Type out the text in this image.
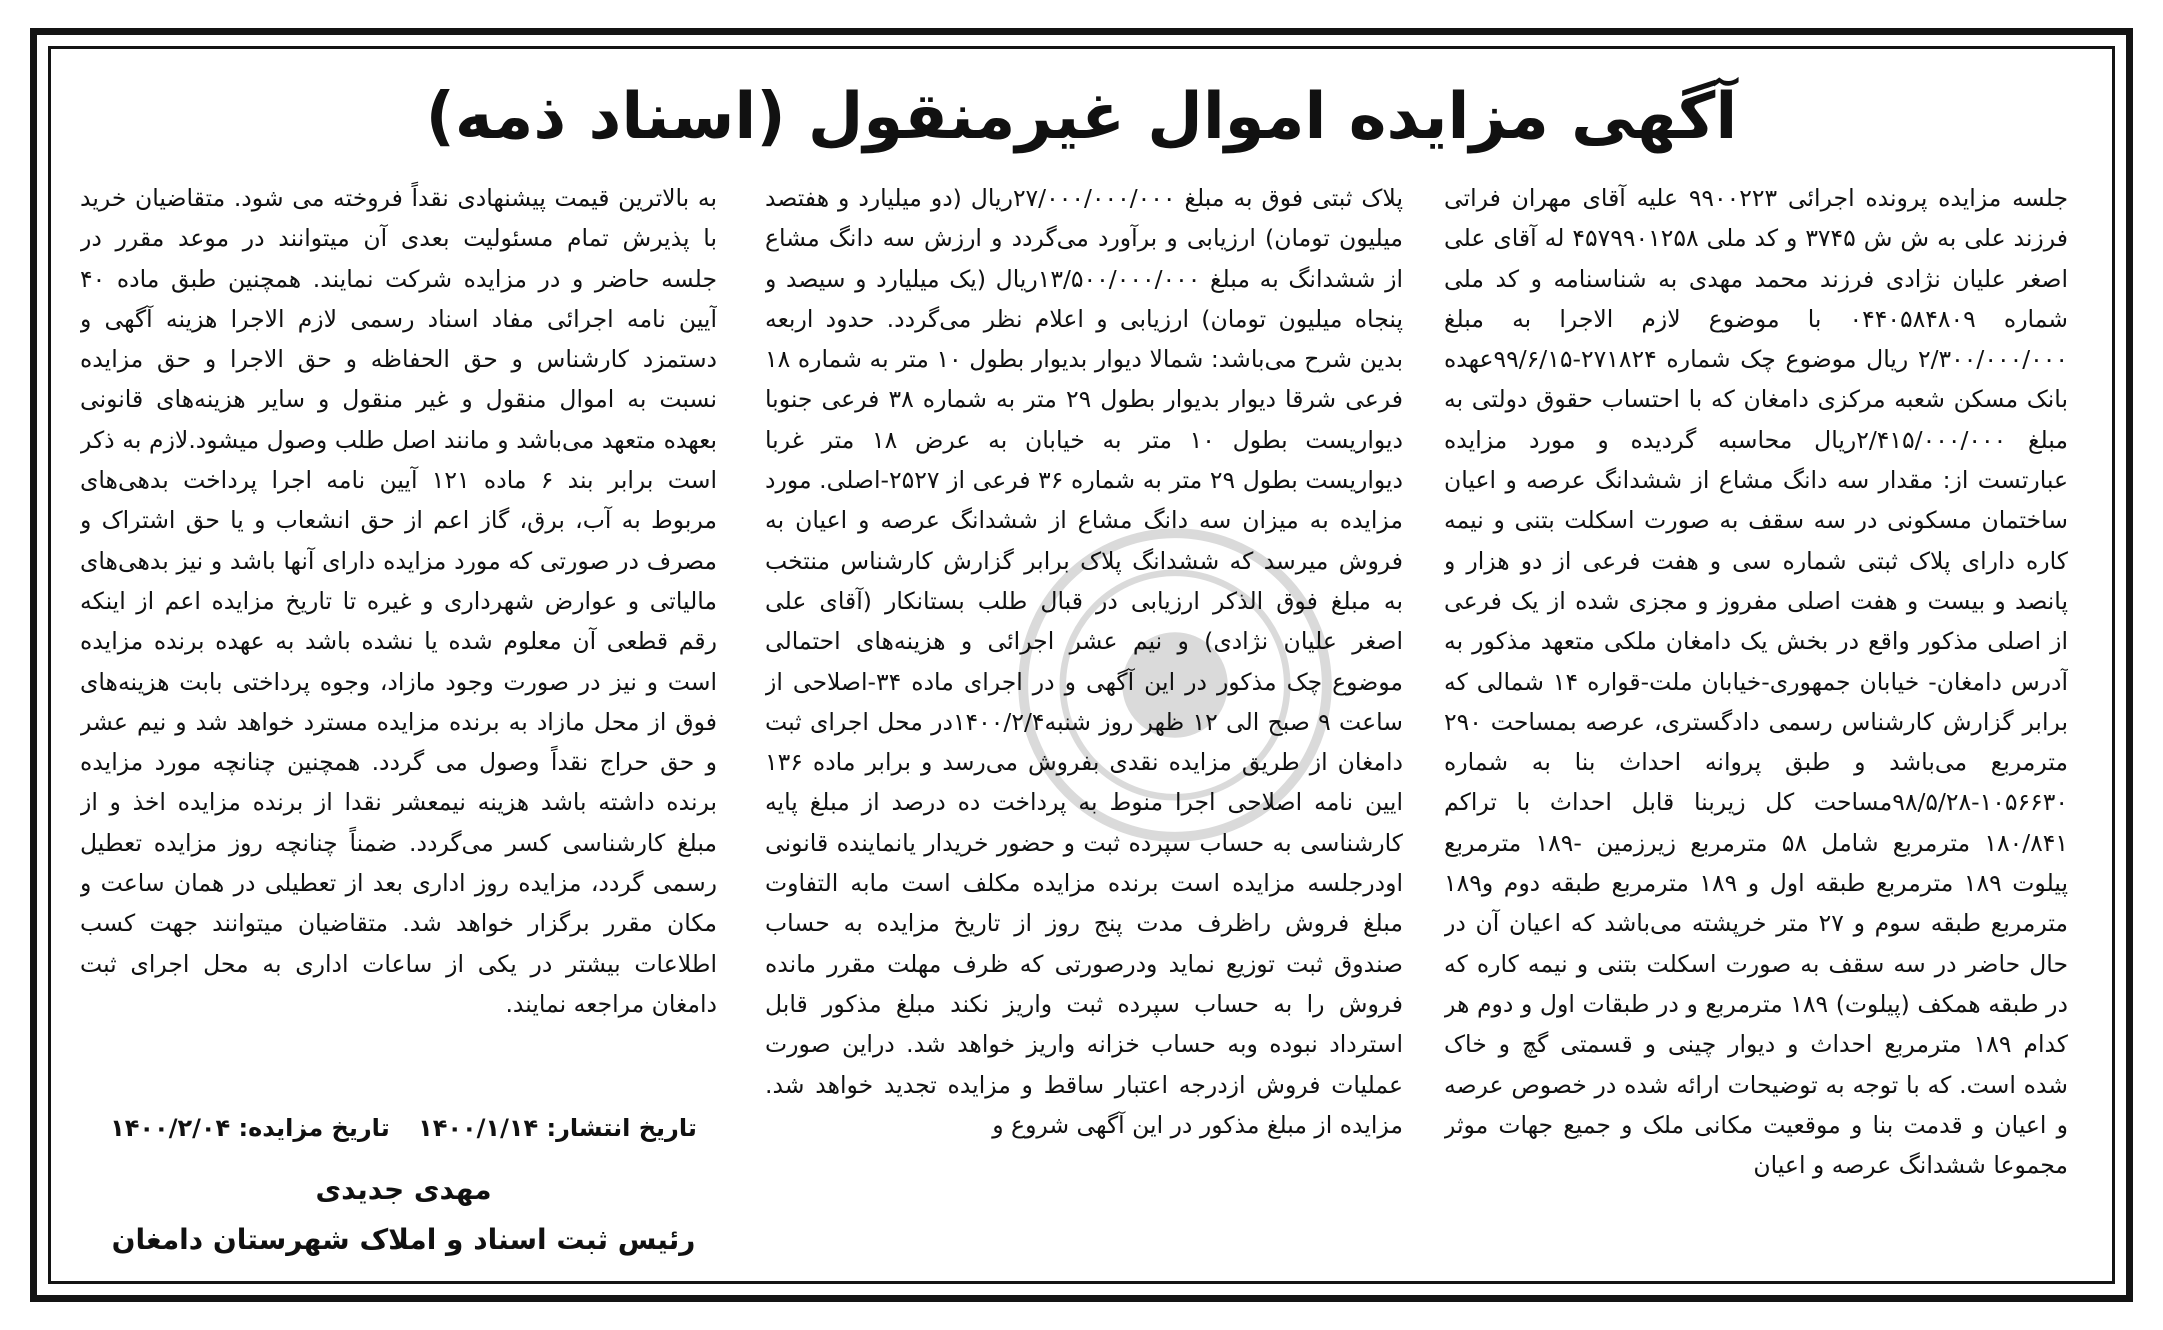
آگهی مزایده اموال غیرمنقول (اسناد ذمه)

جلسه مزایده پرونده اجرائی ۹۹۰۰۲۲۳ علیه آقای مهران فراتی فرزند علی به ش ش ۳۷۴۵ و کد ملی ۴۵۷۹۹۰۱۲۵۸ له آقای علی اصغر علیان نژادی فرزند محمد مهدی به شناسنامه و کد ملی شماره ۰۴۴۰۵۸۴۸۰۹ با موضوع لازم الاجرا به مبلغ ۲/۳۰۰/۰۰۰/۰۰۰ ریال موضوع چک شماره ۲۷۱۸۲۴-۹۹/۶/۱۵عهده بانک مسکن شعبه مرکزی دامغان که با احتساب حقوق دولتی به مبلغ ۲/۴۱۵/۰۰۰/۰۰۰ریال محاسبه گردیده و مورد مزایده عبارتست از: مقدار سه دانگ مشاع از ششدانگ عرصه و اعیان ساختمان مسکونی در سه سقف به صورت اسکلت بتنی و نیمه کاره دارای پلاک ثبتی شماره سی و هفت فرعی از دو هزار و پانصد و بیست و هفت اصلی مفروز و مجزی شده از یک فرعی از اصلی مذکور واقع در بخش یک دامغان ملکی متعهد مذکور به آدرس دامغان- خیابان جمهوری-خیابان ملت-قواره ۱۴ شمالی که برابر گزارش کارشناس رسمی دادگستری، عرصه بمساحت ۲۹۰ مترمربع می‌باشد و طبق پروانه احداث بنا به شماره ۱۰۵۶۶۳۰-۹۸/۵/۲۸مساحت کل زیربنا قابل احداث با تراکم ۱۸۰/۸۴۱ مترمربع شامل ۵۸ مترمربع زیرزمین -۱۸۹ مترمربع پیلوت ۱۸۹ مترمربع طبقه اول و ۱۸۹ مترمربع طبقه دوم و۱۸۹ مترمربع طبقه سوم و ۲۷ متر خرپشته می‌باشد که اعیان آن در حال حاضر در سه سقف به صورت اسکلت بتنی و نیمه کاره که در طبقه همکف (پیلوت) ۱۸۹ مترمربع و در طبقات اول و دوم هر کدام ۱۸۹ مترمربع احداث و دیوار چینی و قسمتی گچ و خاک شده است. که با توجه به توضیحات ارائه شده در خصوص عرصه و اعیان و قدمت بنا و موقعیت مکانی ملک و جمیع جهات موثر مجموعا ششدانگ عرصه و اعیان

پلاک ثبتی فوق به مبلغ ۲۷/۰۰۰/۰۰۰/۰۰۰ریال (دو میلیارد و هفتصد میلیون تومان) ارزیابی و برآورد می‌گردد و ارزش سه دانگ مشاع از ششدانگ به مبلغ ۱۳/۵۰۰/۰۰۰/۰۰۰ریال (یک میلیارد و سیصد و پنجاه میلیون تومان) ارزیابی و اعلام نظر می‌گردد. حدود اربعه بدین شرح می‌باشد: شمالا دیوار بدیوار بطول ۱۰ متر به شماره ۱۸ فرعی شرقا دیوار بدیوار بطول ۲۹ متر به شماره ۳۸ فرعی جنوبا دیواریست بطول ۱۰ متر به خیابان به عرض ۱۸ متر غربا دیواریست بطول ۲۹ متر به شماره ۳۶ فرعی از ۲۵۲۷-اصلی. مورد مزایده به میزان سه دانگ مشاع از ششدانگ عرصه و اعیان به فروش میرسد که ششدانگ پلاک برابر گزارش کارشناس منتخب به مبلغ فوق الذکر ارزیابی در قبال طلب بستانکار (آقای علی اصغر علیان نژادی) و نیم عشر اجرائی و هزینه‌های احتمالی موضوع چک مذکور در این آگهی و در اجرای ماده ۳۴-اصلاحی از ساعت ۹ صبح الی ۱۲ ظهر روز شنبه۱۴۰۰/۲/۴در محل اجرای ثبت دامغان از طریق مزایده نقدی بفروش می‌رسد و برابر ماده ۱۳۶ ایین نامه اصلاحی اجرا منوط به پرداخت ده درصد از مبلغ پایه کارشناسی به حساب سپرده ثبت و حضور خریدار یانماینده قانونی اودرجلسه مزایده است برنده مزایده مکلف است مابه التفاوت مبلغ فروش راظرف مدت پنج روز از تاریخ مزایده به حساب صندوق ثبت توزیع نماید ودرصورتی که ظرف مهلت مقرر مانده فروش را به حساب سپرده ثبت واریز نکند مبلغ مذکور قابل استرداد نبوده وبه حساب خزانه واریز خواهد شد. دراین صورت عملیات فروش ازدرجه اعتبار ساقط و مزایده تجدید خواهد شد. مزایده از مبلغ مذکور در این آگهی شروع و

به بالاترین قیمت پیشنهادی نقداً فروخته می شود. متقاضیان خرید با پذیرش تمام مسئولیت بعدی آن میتوانند در موعد مقرر در جلسه حاضر و در مزایده شرکت نمایند. همچنین طبق ماده ۴۰ آیین نامه اجرائی مفاد اسناد رسمی لازم الاجرا هزینه آگهی و دستمزد کارشناس و حق الحفاظه و حق الاجرا و حق مزایده نسبت به اموال منقول و غیر منقول و سایر هزینه‌های قانونی بعهده متعهد می‌باشد و مانند اصل طلب وصول میشود.لازم به ذکر است برابر بند ۶ ماده ۱۲۱ آیین نامه اجرا پرداخت بدهی‌های مربوط به آب، برق، گاز اعم از حق انشعاب و یا حق اشتراک و مصرف در صورتی که مورد مزایده دارای آنها باشد و نیز بدهی‌های مالیاتی و عوارض شهرداری و غیره تا تاریخ مزایده اعم از اینکه رقم قطعی آن معلوم شده یا نشده باشد به عهده برنده مزایده است و نیز در صورت وجود مازاد، وجوه پرداختی بابت هزینه‌های فوق از محل مازاد به برنده مزایده مسترد خواهد شد و نیم عشر و حق حراج نقداً وصول می گردد. همچنین چنانچه مورد مزایده برنده داشته باشد هزینه نیمعشر نقدا از برنده مزایده اخذ و از مبلغ کارشناسی کسر می‌گردد. ضمناً چنانچه روز مزایده تعطیل رسمی گردد، مزایده روز اداری بعد از تعطیلی در همان ساعت و مکان مقرر برگزار خواهد شد. متقاضیان میتوانند جهت کسب اطلاعات بیشتر در یکی از ساعات اداری به محل اجرای ثبت دامغان مراجعه نمایند.

تاریخ انتشار: ۱۴۰۰/۱/۱۴ تاریخ مزایده: ۱۴۰۰/۲/۰۴
مهدی جدیدی
رئیس ثبت اسناد و املاک شهرستان دامغان
